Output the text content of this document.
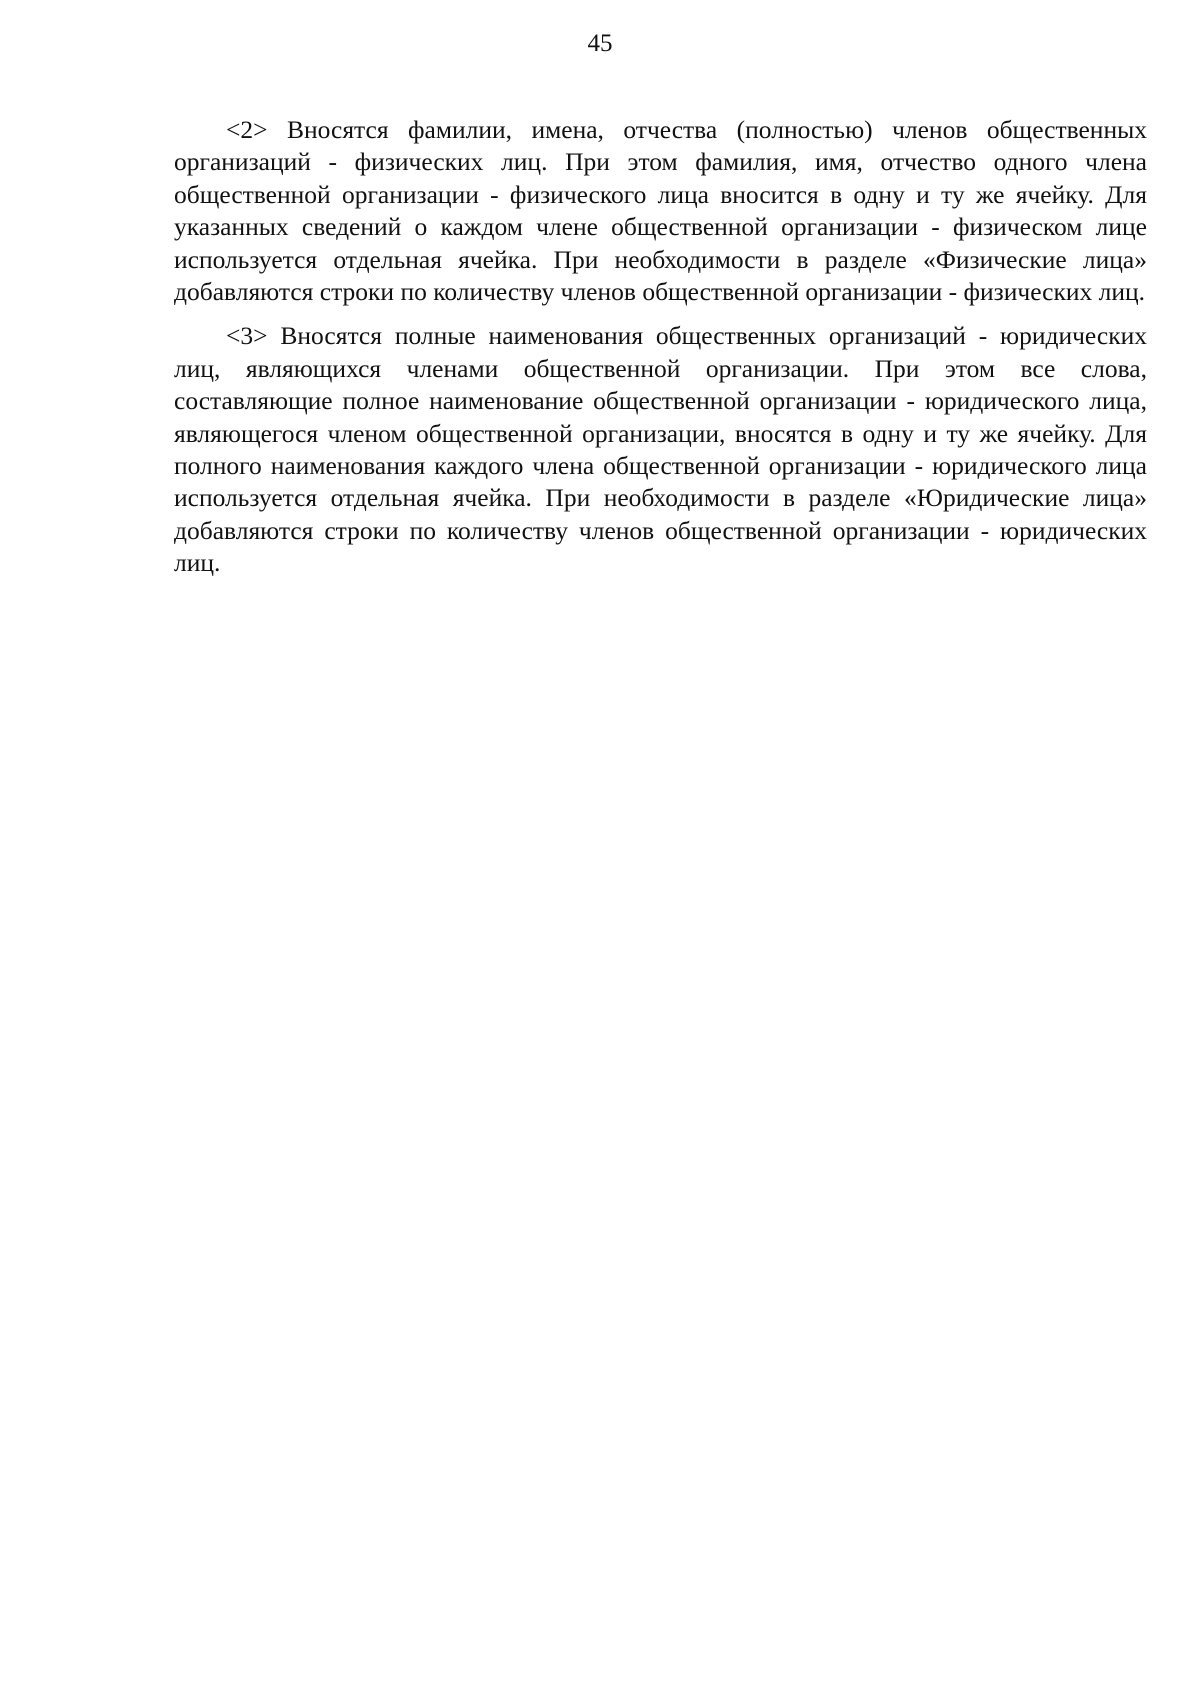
45

<2> Вносятся фамилии, имена, отчества (полностью) членов общественных организаций - физических лиц. При этом фамилия, имя, отчество одного члена общественной организации - физического лица вносится в одну и ту же ячейку. Для указанных сведений о каждом члене общественной организации - физическом лице используется отдельная ячейка. При необходимости в разделе «Физические лица» добавляются строки по количеству членов общественной организации - физических лиц.

<3> Вносятся полные наименования общественных организаций - юридических лиц, являющихся членами общественной организации. При этом все слова, составляющие полное наименование общественной организации - юридического лица, являющегося членом общественной организации, вносятся в одну и ту же ячейку. Для полного наименования каждого члена общественной организации - юридического лица используется отдельная ячейка. При необходимости в разделе «Юридические лица» добавляются строки по количеству членов общественной организации - юридических лиц.
